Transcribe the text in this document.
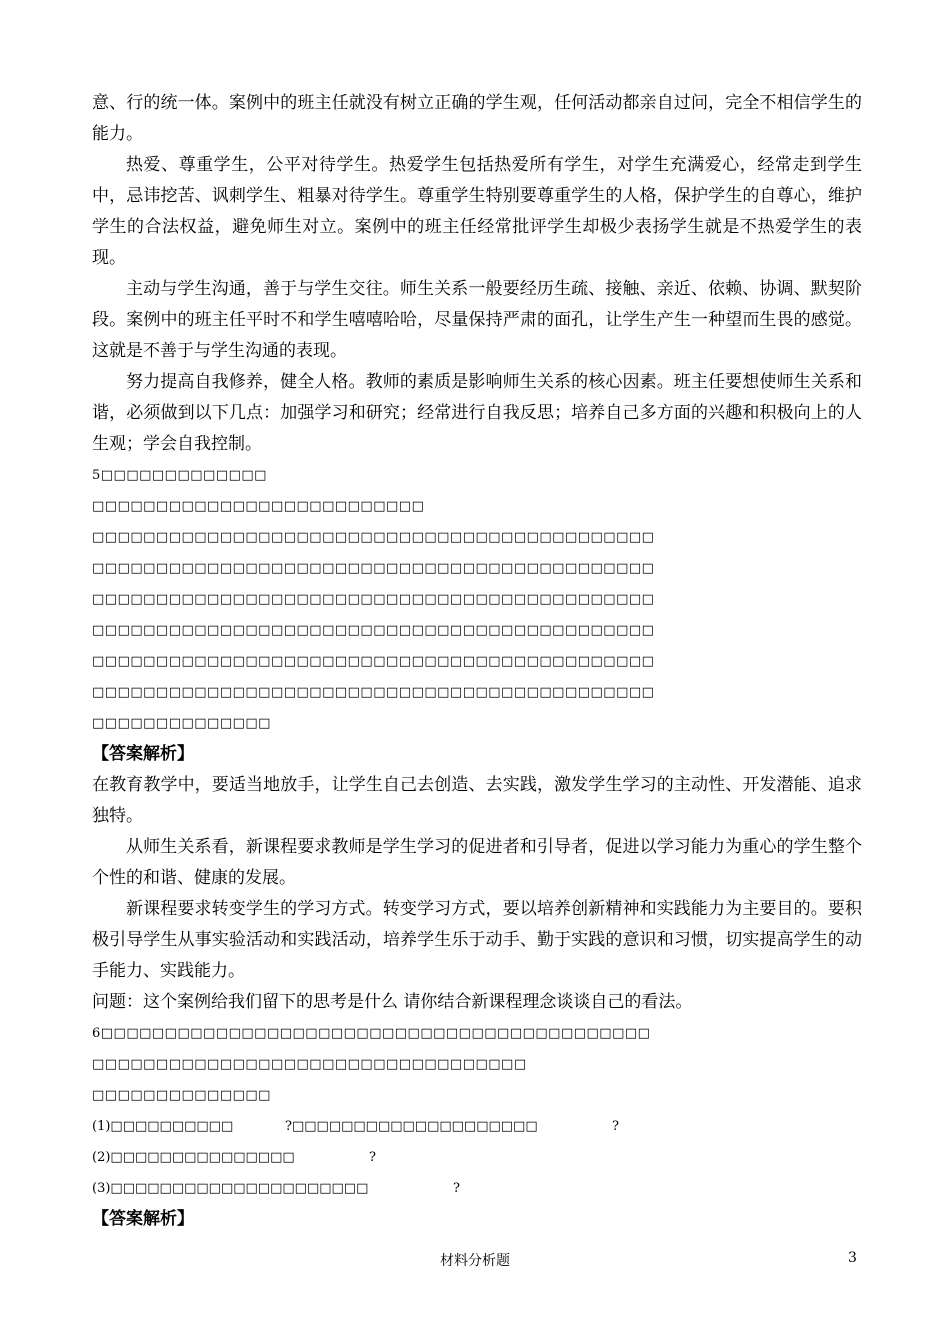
意、行的统一体。案例中的班主任就没有树立正确的学生观，任何活动都亲自过问，完全不相信学生的能力。

热爱、尊重学生，公平对待学生。热爱学生包括热爱所有学生，对学生充满爱心，经常走到学生中，忌讳挖苦、讽刺学生、粗暴对待学生。尊重学生特别要尊重学生的人格，保护学生的自尊心，维护学生的合法权益，避免师生对立。案例中的班主任经常批评学生却极少表扬学生就是不热爱学生的表现。

主动与学生沟通，善于与学生交往。师生关系一般要经历生疏、接触、亲近、依赖、协调、默契阶段。案例中的班主任平时不和学生嘻嘻哈哈，尽量保持严肃的面孔，让学生产生一种望而生畏的感觉。这就是不善于与学生沟通的表现。

努力提高自我修养，健全人格。教师的素质是影响师生关系的核心因素。班主任要想使师生关系和谐，必须做到以下几点：加强学习和研究；经常进行自我反思；培养自己多方面的兴趣和积极向上的人生观；学会自我控制。

5□□□□□□□□□□□□□

□□□□□□□□□□□□□□□□□□□□□□□□□□

□□□□□□□□□□□□□□□□□□□□□□□□□□□□□□□□□□□□□□□□□□□□

□□□□□□□□□□□□□□□□□□□□□□□□□□□□□□□□□□□□□□□□□□□□

□□□□□□□□□□□□□□□□□□□□□□□□□□□□□□□□□□□□□□□□□□□□

□□□□□□□□□□□□□□□□□□□□□□□□□□□□□□□□□□□□□□□□□□□□

□□□□□□□□□□□□□□□□□□□□□□□□□□□□□□□□□□□□□□□□□□□□

□□□□□□□□□□□□□□□□□□□□□□□□□□□□□□□□□□□□□□□□□□□□

□□□□□□□□□□□□□□

【答案解析】

在教育教学中，要适当地放手，让学生自己去创造、去实践，激发学生学习的主动性、开发潜能、追求独特。

从师生关系看，新课程要求教师是学生学习的促进者和引导者，促进以学习能力为重心的学生整个个性的和谐、健康的发展。

新课程要求转变学生的学习方式。转变学习方式，要以培养创新精神和实践能力为主要目的。要积极引导学生从事实验活动和实践活动，培养学生乐于动手、勤于实践的意识和习惯，切实提高学生的动手能力、实践能力。

问题：这个案例给我们留下的思考是什么 请你结合新课程理念谈谈自己的看法。

6□□□□□□□□□□□□□□□□□□□□□□□□□□□□□□□□□□□□□□□□□□□

□□□□□□□□□□□□□□□□□□□□□□□□□□□□□□□□□□

□□□□□□□□□□□□□□

(1)□□□□□□□□□□	?□□□□□□□□□□□□□□□□□□□□	?
(2)□□□□□□□□□□□□□□□	?
(3)□□□□□□□□□□□□□□□□□□□□□	?

【答案解析】

材料分析题	3
